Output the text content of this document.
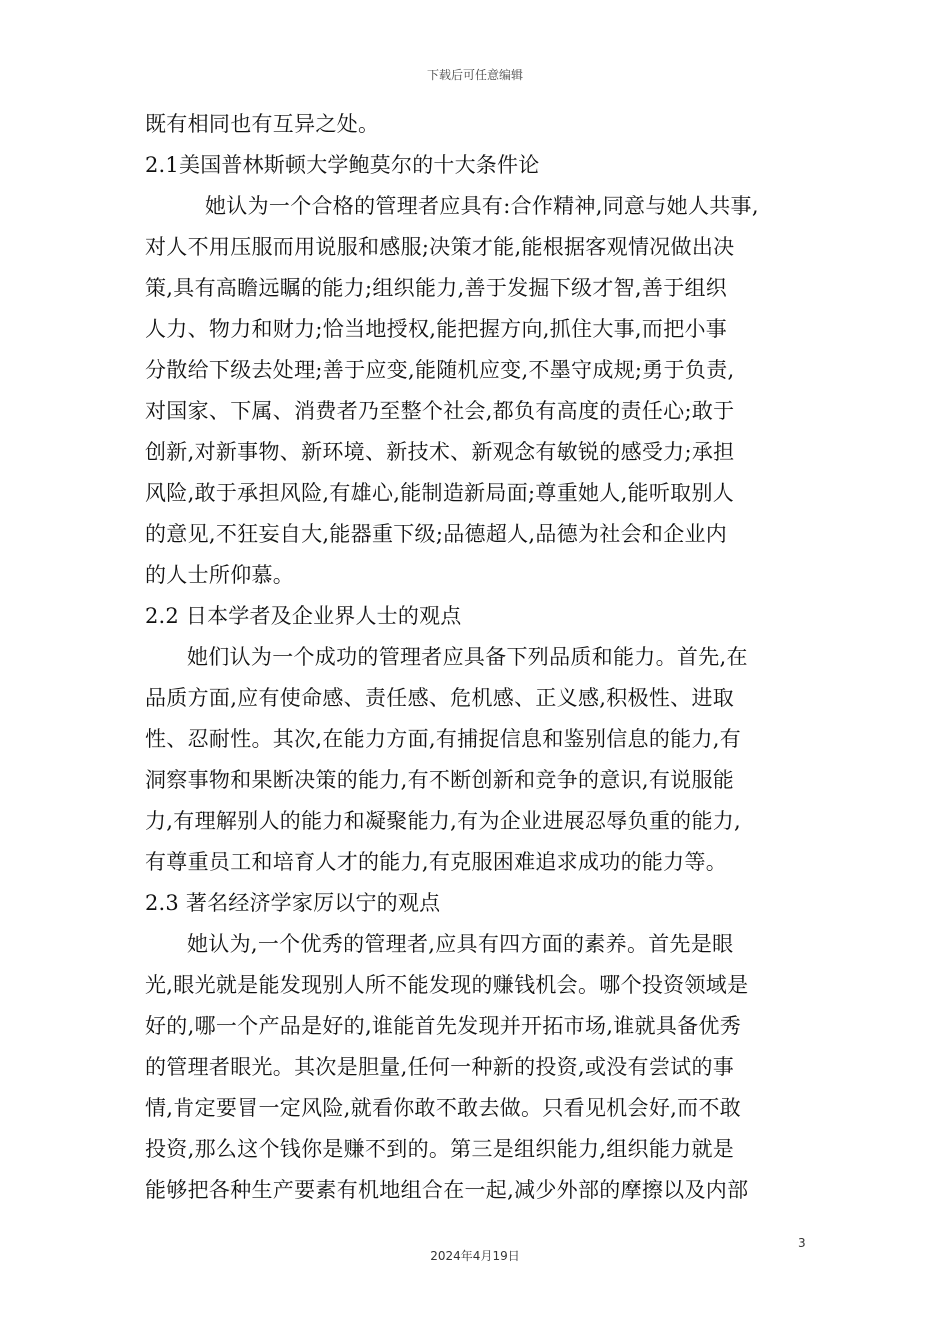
下载后可任意编辑
既有相同也有互异之处。
2.1美国普林斯顿大学鲍莫尔的十大条件论
她认为一个合格的管理者应具有:合作精神,同意与她人共事,
对人不用压服而用说服和感服;决策才能,能根据客观情况做出决
策,具有高瞻远瞩的能力;组织能力,善于发掘下级才智,善于组织
人力、物力和财力;恰当地授权,能把握方向,抓住大事,而把小事
分散给下级去处理;善于应变,能随机应变,不墨守成规;勇于负责,
对国家、下属、消费者乃至整个社会,都负有高度的责任心;敢于
创新,对新事物、新环境、新技术、新观念有敏锐的感受力;承担
风险,敢于承担风险,有雄心,能制造新局面;尊重她人,能听取别人
的意见,不狂妄自大,能器重下级;品德超人,品德为社会和企业内
的人士所仰慕。
2.2 日本学者及企业界人士的观点
她们认为一个成功的管理者应具备下列品质和能力。首先,在
品质方面,应有使命感、责任感、危机感、正义感,积极性、进取
性、忍耐性。其次,在能力方面,有捕捉信息和鉴别信息的能力,有
洞察事物和果断决策的能力,有不断创新和竞争的意识,有说服能
力,有理解别人的能力和凝聚能力,有为企业进展忍辱负重的能力,
有尊重员工和培育人才的能力,有克服困难追求成功的能力等。
2.3 著名经济学家厉以宁的观点
她认为,一个优秀的管理者,应具有四方面的素养。首先是眼
光,眼光就是能发现别人所不能发现的赚钱机会。哪个投资领域是
好的,哪一个产品是好的,谁能首先发现并开拓市场,谁就具备优秀
的管理者眼光。其次是胆量,任何一种新的投资,或没有尝试的事
情,肯定要冒一定风险,就看你敢不敢去做。只看见机会好,而不敢
投资,那么这个钱你是赚不到的。第三是组织能力,组织能力就是
能够把各种生产要素有机地组合在一起,减少外部的摩擦以及内部
3
2024年4月19日
